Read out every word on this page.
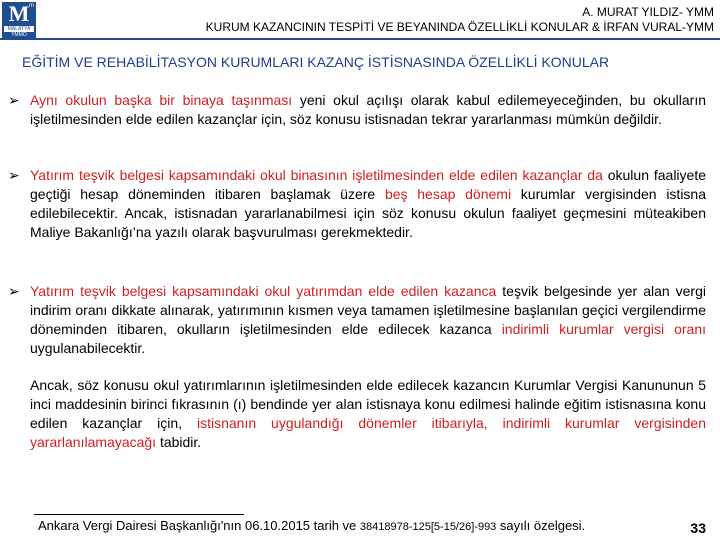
m
M
MALATYA
YMMO
A. MURAT YILDIZ- YMM
KURUM KAZANCININ TESPİTİ VE BEYANINDA ÖZELLİKLİ KONULAR & İRFAN VURAL-YMM
EĞİTİM VE REHABİLİTASYON KURUMLARI KAZANÇ İSTİSNASINDA ÖZELLİKLİ KONULAR
➢ Aynı okulun başka bir binaya taşınması yeni okul açılışı olarak kabul edilemeyeceğinden, bu okulların işletilmesinden elde edilen kazançlar için, söz konusu istisnadan tekrar yararlanması mümkün değildir.
➢ Yatırım teşvik belgesi kapsamındaki okul binasının işletilmesinden elde edilen kazançlar da okulun faaliyete geçtiği hesap döneminden itibaren başlamak üzere beş hesap dönemi kurumlar vergisinden istisna edilebilecektir. Ancak, istisnadan yararlanabilmesi için söz konusu okulun faaliyet geçmesini müteakiben Maliye Bakanlığı’na yazılı olarak başvurulması gerekmektedir.
➢ Yatırım teşvik belgesi kapsamındaki okul yatırımdan elde edilen kazanca teşvik belgesinde yer alan vergi indirim oranı dikkate alınarak, yatırımının kısmen veya tamamen işletilmesine başlanılan geçici vergilendirme döneminden itibaren, okulların işletilmesinden elde edilecek kazanca indirimli kurumlar vergisi oranı uygulanabilecektir.
Ancak, söz konusu okul yatırımlarının işletilmesinden elde edilecek kazancın Kurumlar Vergisi Kanununun 5 inci maddesinin birinci fıkrasının (ı) bendinde yer alan istisnaya konu edilmesi halinde eğitim istisnasına konu edilen kazançlar için, istisnanın uygulandığı dönemler itibarıyla, indirimli kurumlar vergisinden yararlanılamayacağı tabidir.
Ankara Vergi Dairesi Başkanlığı'nın 06.10.2015 tarih ve 38418978-125[5-15/26]-993 sayılı özelgesi.	33
